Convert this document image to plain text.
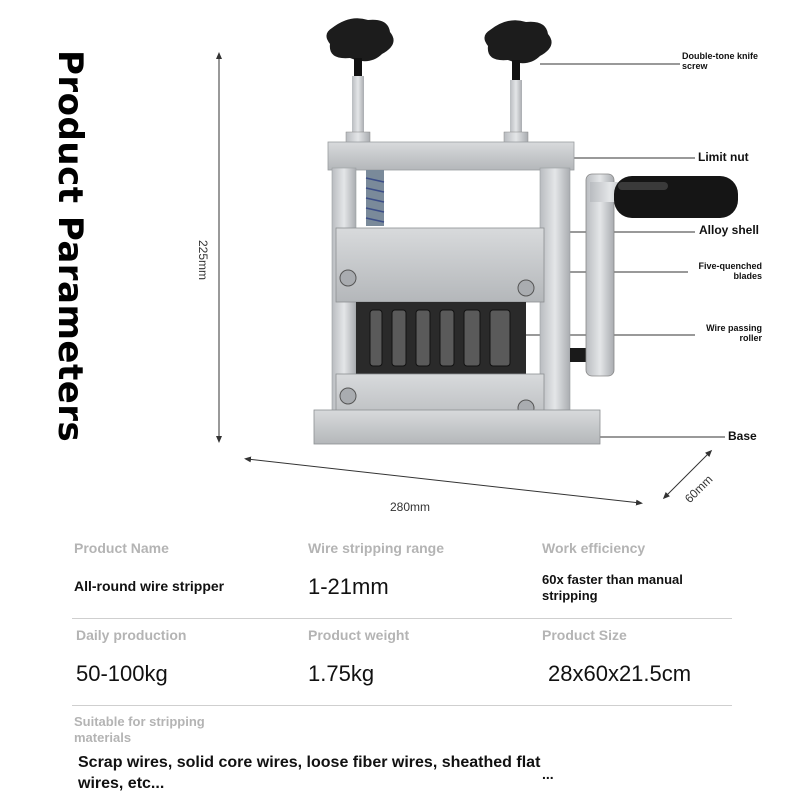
Product Parameters	225mm
280mm
60mm
Double-tone knife screw
Limit nut
Alloy shell
Five-quenched blades
Wire passing roller
Base
Product Name
All-round wire stripper
Wire stripping range
1-21mm
Work efficiency
60x faster than manual stripping
Daily production
50-100kg
Product weight
1.75kg
Product Size
28x60x21.5cm
Suitable for stripping materials
Scrap wires, solid core wires, loose fiber wires, sheathed flat wires, etc...
...
